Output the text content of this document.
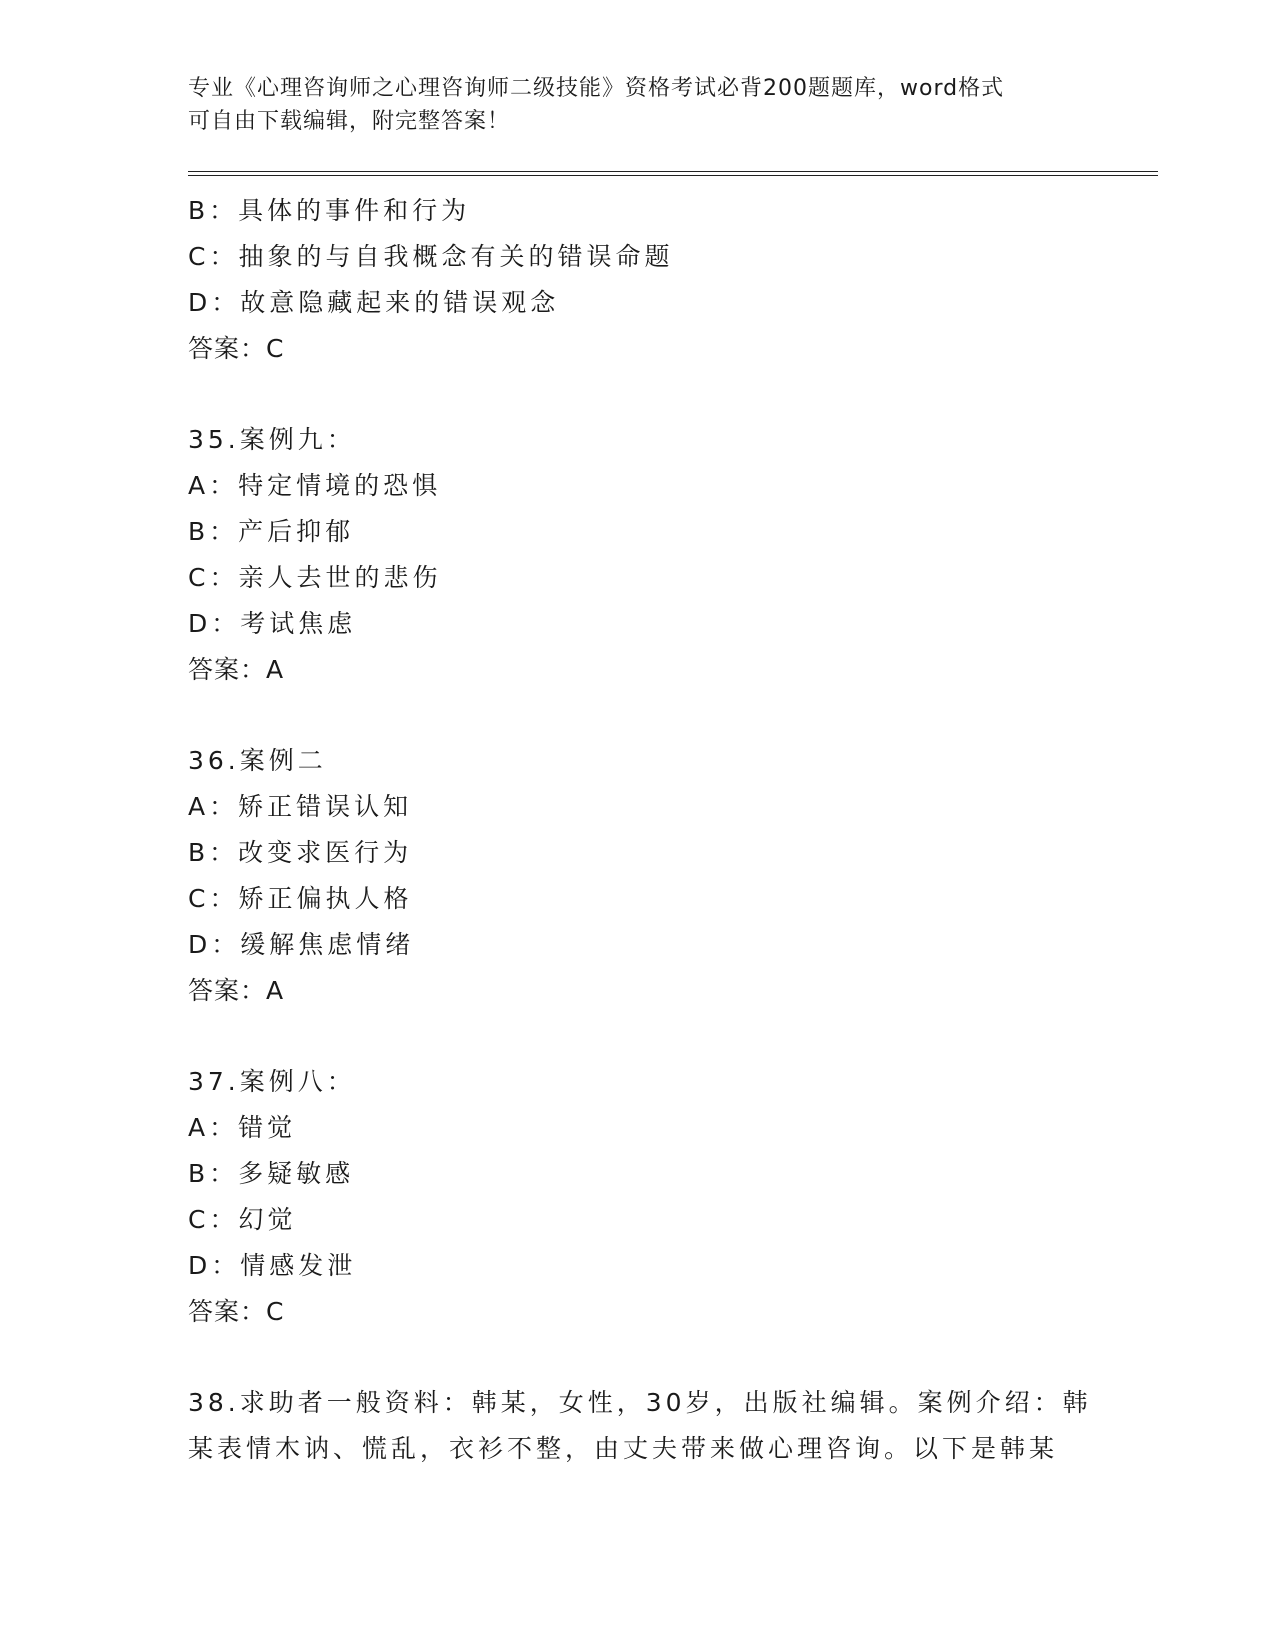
专业《心理咨询师之心理咨询师二级技能》资格考试必背200题题库，word格式
可自由下载编辑，附完整答案！
B：具体的事件和行为
C：抽象的与自我概念有关的错误命题
D：故意隐藏起来的错误观念
答案：C
35.案例九：
A：特定情境的恐惧
B：产后抑郁
C：亲人去世的悲伤
D：考试焦虑
答案：A
36.案例二
A：矫正错误认知
B：改变求医行为
C：矫正偏执人格
D：缓解焦虑情绪
答案：A
37.案例八：
A：错觉
B：多疑敏感
C：幻觉
D：情感发泄
答案：C
38.求助者一般资料：韩某，女性，30岁，出版社编辑。案例介绍：韩
某表情木讷、慌乱，衣衫不整，由丈夫带来做心理咨询。以下是韩某
